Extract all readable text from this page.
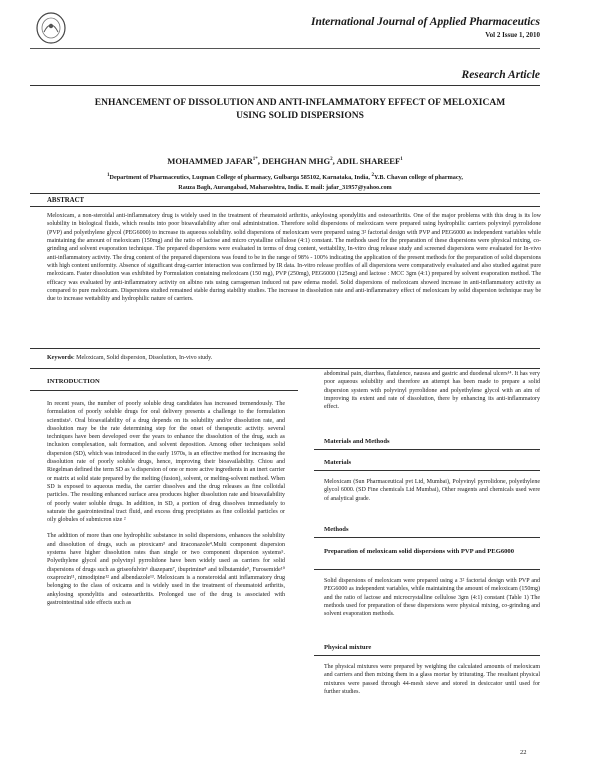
International Journal of Applied Pharmaceutics
Vol 2 Issue 1, 2010
Research Article
ENHANCEMENT OF DISSOLUTION AND ANTI-INFLAMMATORY EFFECT OF MELOXICAM
USING SOLID DISPERSIONS
MOHAMMED $JAFAR^{1*}$, DEHGHAN MHG$^2$, ADIL SHAREEF$^1$
$^1$Department of Pharmaceutics, Luqman College of pharmacy, Gulbarga 585102, Karnataka, India, $^2$Y.B. Chavan college of pharmacy,
Rauza Bagh, Aurangabad, Maharashtra, India. E mail: jafar_31957@yahoo.com
ABSTRACT
Meloxicam, a non-steroidal anti-inflammatory drug is widely used in the treatment of rheumatoid arthritis, ankylosing spondylitis and osteoarthritis. One of the major problems with this drug is its low solubility in biological fluids, which results into poor bioavailability after oral administration. Therefore solid dispersions of meloxicam were prepared using hydrophilic carriers polyvinyl pyrrolidone (PVP) and polyethylene glycol (PEG6000) to increase its aqueous solubility. solid dispersions of meloxicam were prepared using 3² factorial design with PVP and PEG6000 as independent variables while maintaining the amount of meloxicam (150mg) and the ratio of lactose and micro crystalline cellulose (4:1) constant. The methods used for the preparation of these dispersions were physical mixing, co-grinding and solvent evaporation technique. The prepared dispersions were evaluated in terms of drug content, wettability, In-vitro drug release study and screened dispersions were evaluated for In-vivo anti-inflammatory activity. The drug content of the prepared dispersions was found to be in the range of 98% - 100% indicating the application of the present methods for the preparation of solid dispersions with high content uniformity. Absence of significant drug-carrier interaction was confirmed by IR data. In-vitro release profiles of all dispersions were comparatively evaluated and also studied against pure meloxicam. Faster dissolution was exhibited by Formulation containing meloxicam (150 mg), PVP (250mg), PEG6000 (125mg) and lactose : MCC 3gm (4:1) prepared by solvent evaporation method. The efficacy was evaluated by anti-inflammatory activity on albino rats using carrageenan induced rat paw edema model. Solid dispersions of meloxicam showed increase in anti-inflammatory activity as compared to pure meloxicam. Dispersions studied remained stable during stability studies. The increase in dissolution rate and anti-inflammatory effect of meloxicam by solid dispersion technique may be due to increase wettability and hydrophilic nature of carriers.
Keywords: Meloxicam, Solid dispersion, Dissolution, In-vivo study.
INTRODUCTION

In recent years, the number of poorly soluble drug candidates has increased tremendously. The formulation of poorly soluble drugs for oral delivery presents a challenge to the formulation scientists¹. Oral bioavailability of a drug depends on its solubility and/or dissolution rate, and dissolution may be the rate determining step for the onset of therapeutic activity. several techniques have been developed over the years to enhance the dissolution of the drug, such as inclusion complexation, salt formation, and solvent deposition. Among other techniques solid dispersion (SD), which was introduced in the early 1970s, is an effective method for increasing the dissolution rate of poorly soluble drugs, hence, improving their bioavailability. Chiou and Riegelman defined the term SD as 'a dispersion of one or more active ingredients in an inert carrier or matrix at solid state prepared by the melting (fusion), solvent, or melting-solvent method. When SD is exposed to aqueous media, the carrier dissolves and the drug releases as fine colloidal particles. The resulting enhanced surface area produces higher dissolution rate and bioavailability of poorly water soluble drugs. In addition, in SD, a portion of drug dissolves immediately to saturate the gastrointestinal tract fluid, and excess drug precipitates as fine colloidal particles or oily globules of submicron size ²

The addition of more than one hydrophilic substance in solid dispersions, enhances the solubility and dissolution of drugs, such as piroxicam³ and itraconazole⁴.Multi component dispersion systems have higher dissolution rates than single or two component dispersion systems⁵. Polyethylene glycol and polyvinyl pyrrolidone have been widely used as carriers for solid dispersions of drugs such as griseofulvin⁶ diazepam⁷, ibuprimine⁸ and tolbutamide⁹, Furosemide¹⁰ oxaprozin¹¹, nimodipine¹² and albendazole¹³. Meloxicam is a nonsteroidal anti inflammatory drug belonging to the class of oxicams and is widely used in the treatment of rheumatoid arthritis, ankylosing spondylitis and osteoarthritis. Prolonged use of the drug is associated with gastrointestinal side effects such as

abdominal pain, diarrhea, flatulence, nausea and gastric and duodenal ulcers¹⁴. It has very poor aqueous solubility and therefore an attempt has been made to prepare a solid dispersion system with polyvinyl pyrrolidone and polyethylene glycol with an aim of improving its extent and rate of dissolution, there by enhancing its anti-inflammatory effect.

Materials and Methods
Materials
Meloxicam (Sun Pharmaceutical pvt Ltd, Mumbai), Polyvinyl pyrrolidone, polyethylene glycol 6000. (SD Fine chemicals Ltd Mumbai), Other reagents and chemicals used were of analytical grade.
Methods
Preparation of meloxicam solid dispersions with PVP and PEG6000
Solid dispersions of meloxicam were prepared using a 3² factorial design with PVP and PEG6000 as independent variables, while maintaining the amount of meloxicam (150mg) and the ratio of lactose and microcrystalline cellulose 3gm (4:1) constant (Table 1) The methods used for preparation of these dispersions were physical mixing, co-grinding and solvent evaporation methods.
Physical mixture
The physical mixtures were prepared by weighing the calculated amounts of meloxicam and carriers and then mixing them in a glass mortar by triturating. The resultant physical mixtures were passed through 44-mesh sieve and stored in desiccator until used for further studies.
22
